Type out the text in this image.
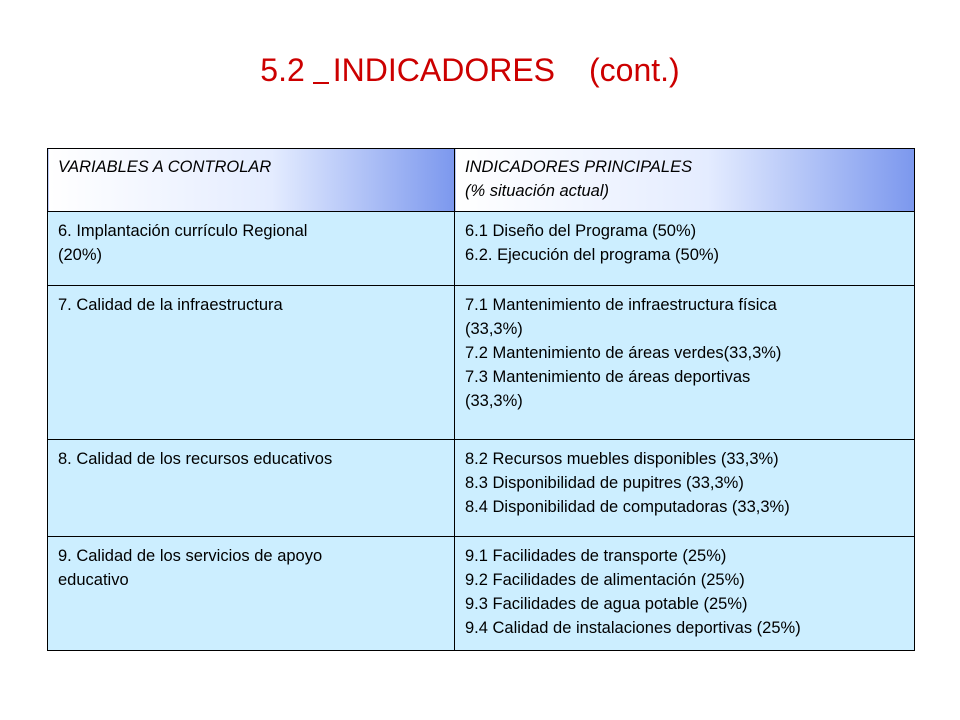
5.2 INDICADORES (cont.)
VARIABLES A CONTROLAR	INDICADORES PRINCIPALES
(% situación actual)

6. Implantación currículo Regional
(20%)	6.1 Diseño del Programa (50%)
6.2. Ejecución del programa (50%)

7. Calidad de la infraestructura	7.1 Mantenimiento de infraestructura física
(33,3%)
7.2 Mantenimiento de áreas verdes(33,3%)
7.3 Mantenimiento de áreas deportivas
(33,3%)

8. Calidad de los recursos educativos	8.2 Recursos muebles disponibles (33,3%)
8.3 Disponibilidad de pupitres (33,3%)
8.4 Disponibilidad de computadoras (33,3%)

9. Calidad de los servicios de apoyo
educativo	9.1 Facilidades de transporte (25%)
9.2 Facilidades de alimentación (25%)
9.3 Facilidades de agua potable (25%)
9.4 Calidad de instalaciones deportivas (25%)
